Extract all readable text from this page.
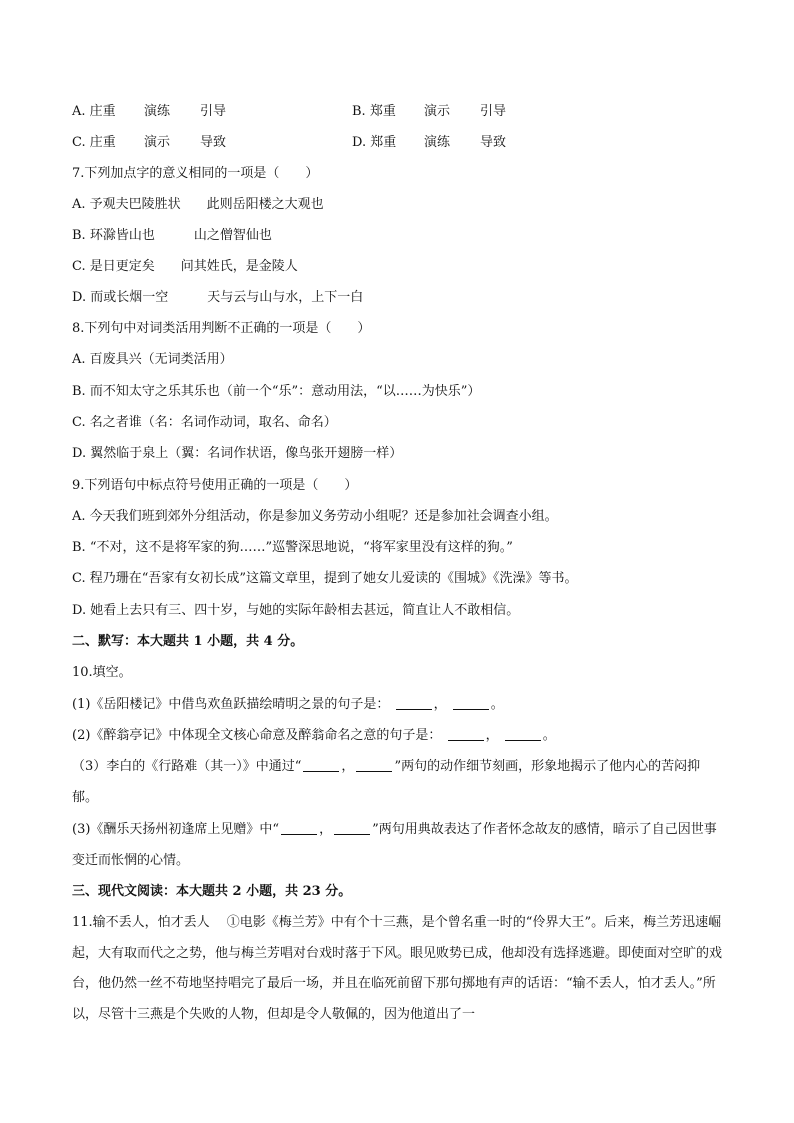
A. 庄重 演练 引导	B. 郑重 演示 引导
C. 庄重 演示 导致	D. 郑重 演练 导致
7.下列加点字的意义相同的一项是（　　）
A. 予观夫巴陵胜状　　此则岳阳楼之大观也
B. 环滁皆山也　　　山之僧智仙也
C. 是日更定矣　　问其姓氏，是金陵人
D. 而或长烟一空　　　天与云与山与水，上下一白
8.下列句中对词类活用判断不正确的一项是（　　）
A. 百废具兴（无词类活用）
B. 而不知太守之乐其乐也（前一个“乐”：意动用法，“以……为快乐”）
C. 名之者谁（名：名词作动词，取名、命名）
D. 翼然临于泉上（翼：名词作状语，像鸟张开翅膀一样）
9.下列语句中标点符号使用正确的一项是（　　）
A. 今天我们班到郊外分组活动，你是参加义务劳动小组呢？还是参加社会调查小组。
B. “不对，这不是将军家的狗……”巡警深思地说，“将军家里没有这样的狗。”
C. 程乃珊在“吾家有女初长成”这篇文章里，提到了她女儿爱读的《围城》《洗澡》等书。
D. 她看上去只有三、四十岁，与她的实际年龄相去甚远，简直让人不敢相信。
二、默写：本大题共 1 小题，共 4 分。
10.填空。
(1)《岳阳楼记》中借鸟欢鱼跃描绘晴明之景的句子是：	，	。
(2)《醉翁亭记》中体现全文核心命意及醉翁命名之意的句子是：	，	。
（3）李白的《行路难（其一）》中通过“	，	”两句的动作细节刻画，形象地揭示了他内心的苦闷抑郁。
(3)《酬乐天扬州初逢席上见赠》中“	，	”两句用典故表达了作者怀念故友的感情，暗示了自己因世事变迁而怅惘的心情。
三、现代文阅读：本大题共 2 小题，共 23 分。
11.输不丢人，怕才丢人　 ①电影《梅兰芳》中有个十三燕，是个曾名重一时的“伶界大王”。后来，梅兰芳迅速崛起，大有取而代之之势，他与梅兰芳唱对台戏时落于下风。眼见败势已成，他却没有选择逃避。即使面对空旷的戏台，他仍然一丝不苟地坚持唱完了最后一场，并且在临死前留下那句掷地有声的话语：“输不丢人，怕才丢人。”所以，尽管十三燕是个失败的人物，但却是令人敬佩的，因为他道出了一
